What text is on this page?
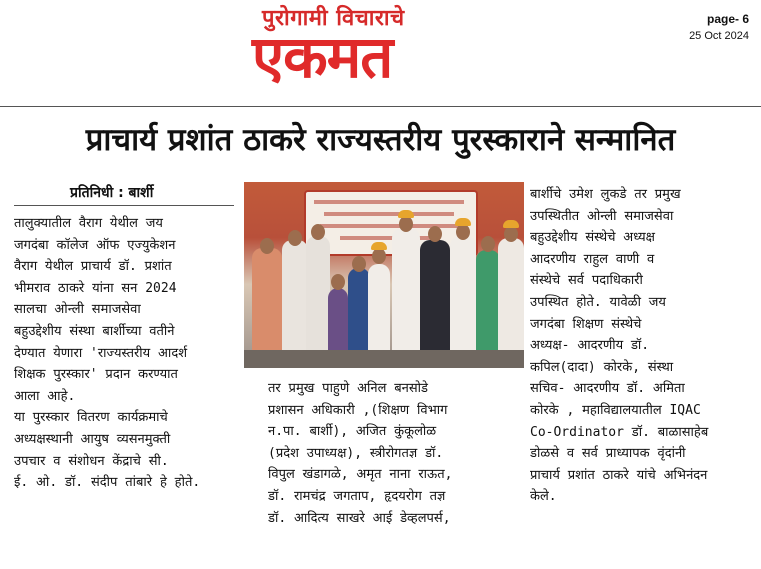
पुरोगामी विचाराचे
एकमत
page- 6
25 Oct 2024
प्राचार्य प्रशांत ठाकरे राज्यस्तरीय पुरस्काराने सन्मानित
प्रतिनिधी : बार्शी
तालुक्यातील वैराग येथील जय
जगदंबा कॉलेज ऑफ एज्युकेशन
वैराग येथील प्राचार्य डॉ. प्रशांत
भीमराव ठाकरे यांना सन 2024
सालचा ओन्ली समाजसेवा
बहुउद्देशीय संस्था बार्शीच्या वतीने
देण्यात येणारा 'राज्यस्तरीय आदर्श
शिक्षक पुरस्कार' प्रदान करण्यात
आला आहे.
या पुरस्कार वितरण कार्यक्रमाचे
अध्यक्षस्थानी आयुष व्यसनमुक्ती
उपचार व संशोधन केंद्राचे सी.
ई. ओ. डॉ. संदीप तांबारे हे होते.
तर प्रमुख पाहुणे अनिल बनसोडे
प्रशासन अधिकारी ,(शिक्षण विभाग
न.पा. बार्शी), अजित कुंकूलोळ
(प्रदेश उपाध्यक्ष), स्त्रीरोगतज्ञ डॉ.
विपुल खंडागळे, अमृत नाना राऊत,
डॉ. रामचंद्र जगताप, हृदयरोग तज्ञ
डॉ. आदित्य साखरे आई डेव्हलपर्स,
बार्शीचे उमेश लुकडे तर प्रमुख
उपस्थितीत ओन्ली समाजसेवा
बहुउद्देशीय संस्थेचे अध्यक्ष
आदरणीय राहुल वाणी व
संस्थेचे सर्व पदाधिकारी
उपस्थित होते. यावेळी जय
जगदंबा शिक्षण संस्थेचे
अध्यक्ष- आदरणीय डॉ.
कपिल(दादा) कोरके, संस्था
सचिव- आदरणीय डॉ. अमिता
कोरके , महाविद्यालयातील IQAC
Co-Ordinator डॉ. बाळासाहेब
डोळसे व सर्व प्राध्यापक वृंदांनी
प्राचार्य प्रशांत ठाकरे यांचे अभिनंदन
केले.
